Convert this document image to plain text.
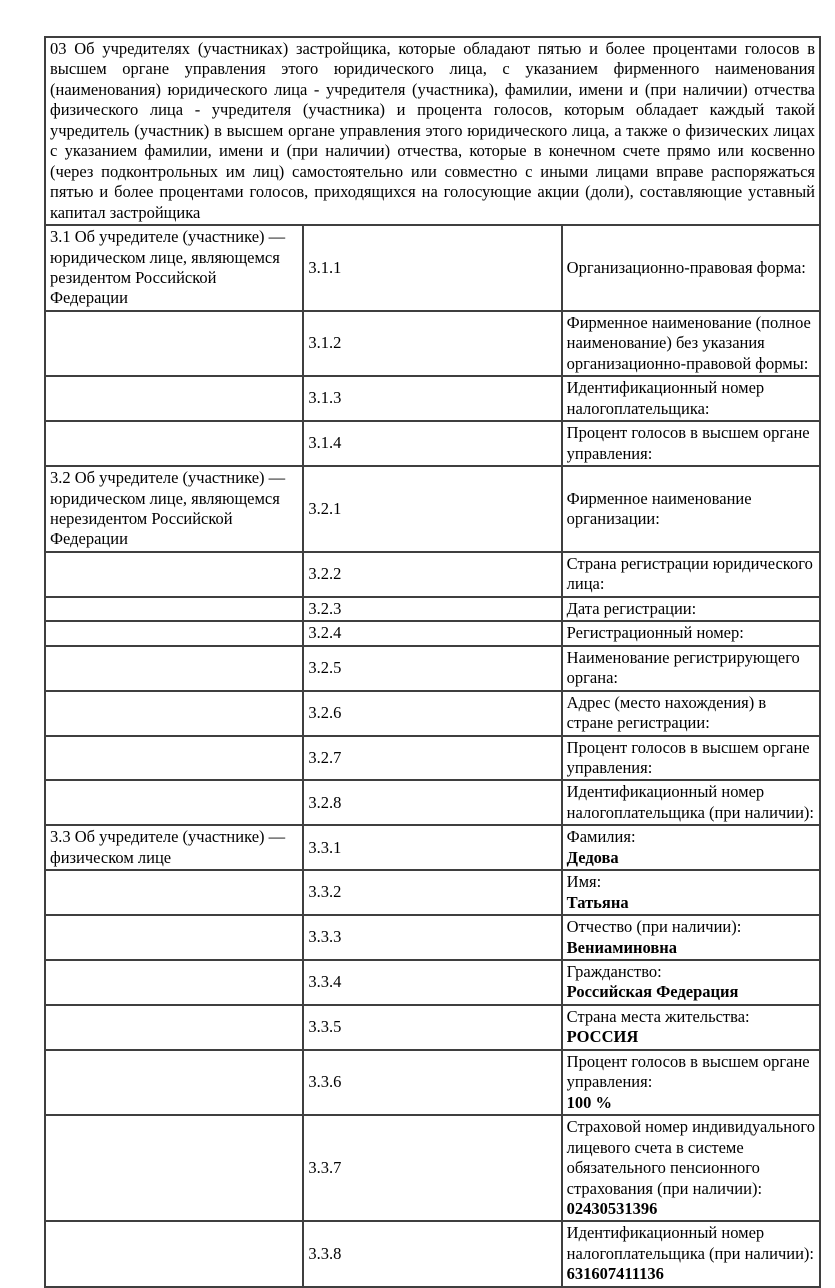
03 Об учредителях (участниках) застройщика, которые обладают пятью и более процентами голосов в высшем органе управления этого юридического лица, с указанием фирменного наименования (наименования) юридического лица - учредителя (участника), фамилии, имени и (при наличии) отчества физического лица - учредителя (участника) и процента голосов, которым обладает каждый такой учредитель (участник) в высшем органе управления этого юридического лица, а также о физических лицах с указанием фамилии, имени и (при наличии) отчества, которые в конечном счете прямо или косвенно (через подконтрольных им лиц) самостоятельно или совместно с иными лицами вправе распоряжаться пятью и более процентами голосов, приходящихся на голосующие акции (доли), составляющие уставный капитал застройщика		
3.1 Об учредителе (участнике) — юридическом лице, являющемся резидентом Российской Федерации	3.1.1	Организационно-правовая форма:

	3.1.2	Фирменное наименование (полное наименование) без указания организационно-правовой формы:

	3.1.3	Идентификационный номер налогоплательщика:

	3.1.4	Процент голосов в высшем органе управления:

3.2 Об учредителе (участнике) — юридическом лице, являющемся нерезидентом Российской Федерации	3.2.1	Фирменное наименование организации:

	3.2.2	Страна регистрации юридического лица:

	3.2.3	Дата регистрации:

	3.2.4	Регистрационный номер:

	3.2.5	Наименование регистрирующего органа:

	3.2.6	Адрес (место нахождения) в стране регистрации:

	3.2.7	Процент голосов в высшем органе управления:

	3.2.8	Идентификационный номер налогоплательщика (при наличии):

3.3 Об учредителе (участнике) — физическом лице	3.3.1	Фамилия:
Дедова

	3.3.2	Имя:
Татьяна

	3.3.3	Отчество (при наличии):
Вениаминовна

	3.3.4	Гражданство:
Российская Федерация

	3.3.5	Страна места жительства:
РОССИЯ

	3.3.6	Процент голосов в высшем органе управления:
100 %

	3.3.7	Страховой номер индивидуального лицевого счета в системе обязательного пенсионного страхования (при наличии):
02430531396

	3.3.8	Идентификационный номер налогоплательщика (при наличии):
631607411136
